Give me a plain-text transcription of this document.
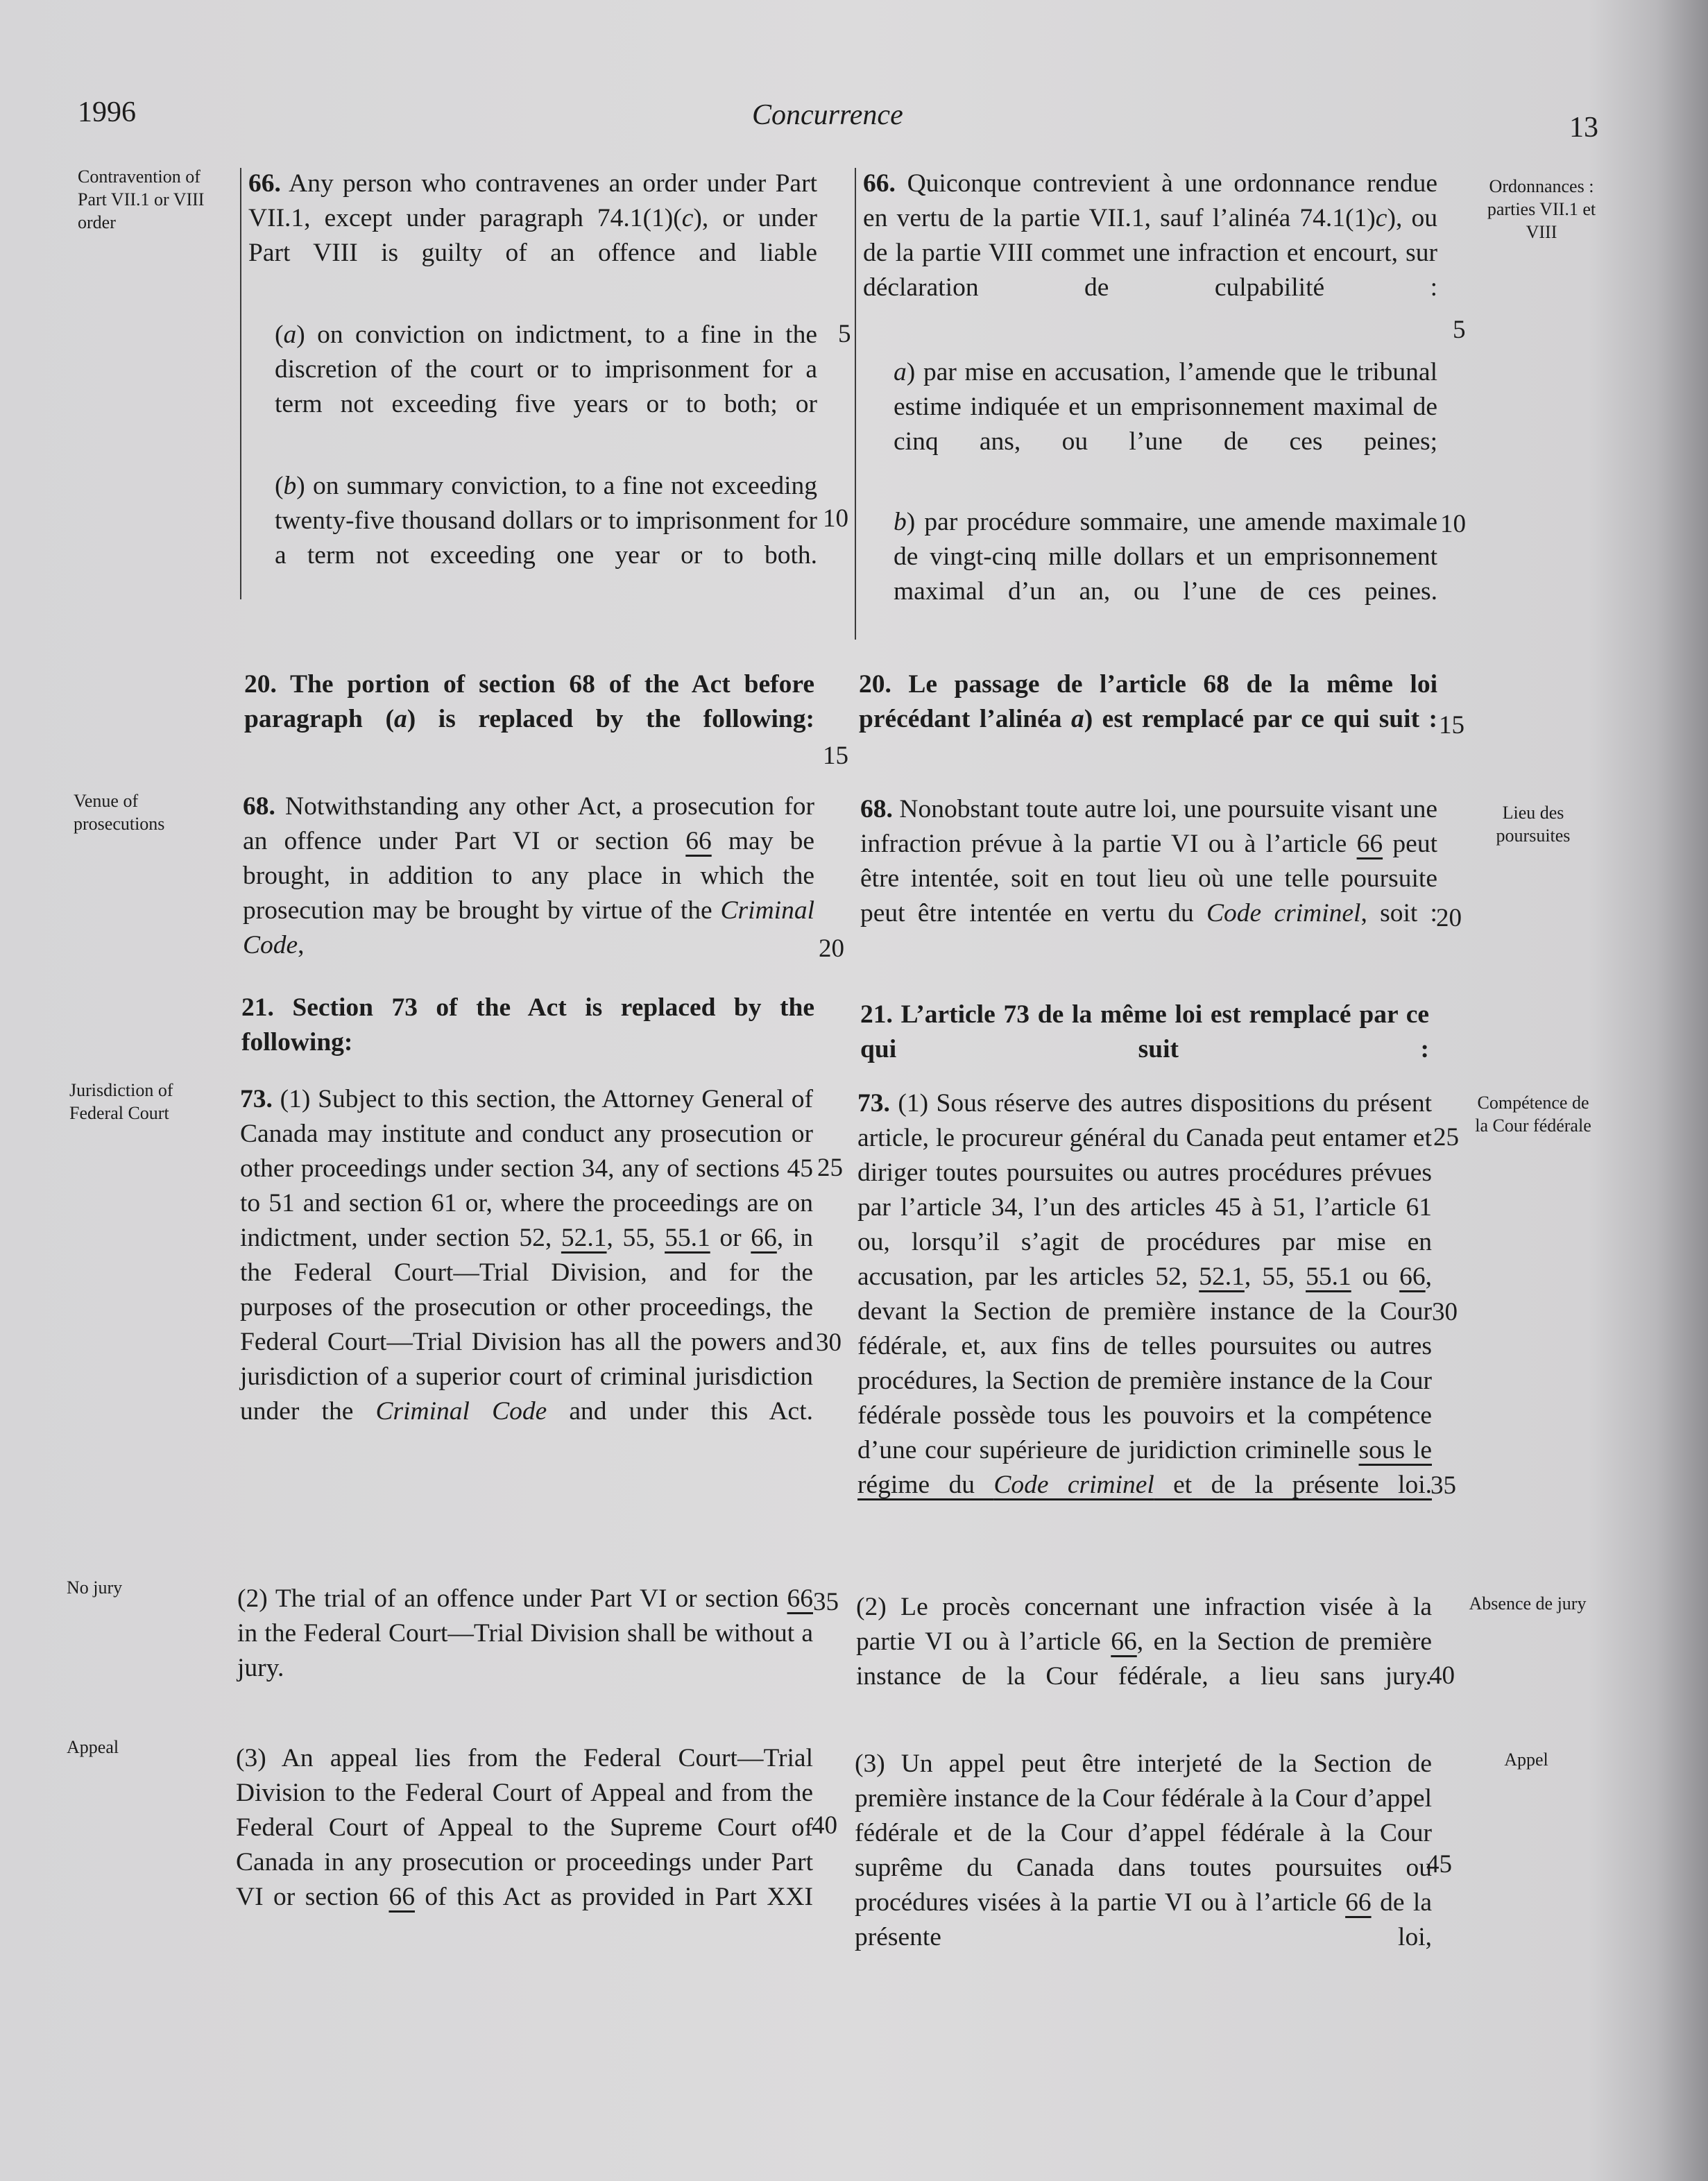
1996	Concurrence	13
Contravention of Part VII.1 or VIII order
Venue of prosecutions
Jurisdiction of Federal Court
No jury
Appeal
Ordonnances : parties VII.1 et VIII
Lieu des poursuites
Compétence de la Cour fédérale
Absence de jury
Appel

66. Any person who contravenes an order under Part VII.1, except under paragraph 74.1(1)(c), or under Part VIII is guilty of an offence and liable

(a) on conviction on indictment, to a fine in the discretion of the court or to imprisonment for a term not exceeding five years or to both; or

(b) on summary conviction, to a fine not exceeding twenty-five thousand dollars or to imprisonment for a term not exceeding one year or to both.

20. The portion of section 68 of the Act before paragraph (a) is replaced by the following:

68. Notwithstanding any other Act, a prosecution for an offence under Part VI or section 66 may be brought, in addition to any place in which the prosecution may be brought by virtue of the Criminal Code,

21. Section 73 of the Act is replaced by the following:

73. (1) Subject to this section, the Attorney General of Canada may institute and conduct any prosecution or other proceedings under section 34, any of sections 45 to 51 and section 61 or, where the proceedings are on indictment, under section 52, 52.1, 55, 55.1 or 66, in the Federal Court—Trial Division, and for the purposes of the prosecution or other proceedings, the Federal Court—Trial Division has all the powers and jurisdiction of a superior court of criminal jurisdiction under the Criminal Code and under this Act.

(2) The trial of an offence under Part VI or section 66 in the Federal Court—Trial Division shall be without a jury.

(3) An appeal lies from the Federal Court—Trial Division to the Federal Court of Appeal and from the Federal Court of Appeal to the Supreme Court of Canada in any prosecution or proceedings under Part VI or section 66 of this Act as provided in Part XXI

5
10
15
20
25
30
35
40

66. Quiconque contrevient à une ordonnance rendue en vertu de la partie VII.1, sauf l’alinéa 74.1(1)c), ou de la partie VIII commet une infraction et encourt, sur déclaration de culpabilité :

a) par mise en accusation, l’amende que le tribunal estime indiquée et un emprisonnement maximal de cinq ans, ou l’une de ces peines;

b) par procédure sommaire, une amende maximale de vingt-cinq mille dollars et un emprisonnement maximal d’un an, ou l’une de ces peines.

20. Le passage de l’article 68 de la même loi précédant l’alinéa a) est remplacé par ce qui suit :

68. Nonobstant toute autre loi, une poursuite visant une infraction prévue à la partie VI ou à l’article 66 peut être intentée, soit en tout lieu où une telle poursuite peut être intentée en vertu du Code criminel, soit :

21. L’article 73 de la même loi est remplacé par ce qui suit :

73. (1) Sous réserve des autres dispositions du présent article, le procureur général du Canada peut entamer et diriger toutes poursuites ou autres procédures prévues par l’article 34, l’un des articles 45 à 51, l’article 61 ou, lorsqu’il s’agit de procédures par mise en accusation, par les articles 52, 52.1, 55, 55.1 ou 66, devant la Section de première instance de la Cour fédérale, et, aux fins de telles poursuites ou autres procédures, la Section de première instance de la Cour fédérale possède tous les pouvoirs et la compétence d’une cour supérieure de juridiction criminelle sous le régime du Code criminel et de la présente loi.

(2) Le procès concernant une infraction visée à la partie VI ou à l’article 66, en la Section de première instance de la Cour fédérale, a lieu sans jury.

(3) Un appel peut être interjeté de la Section de première instance de la Cour fédérale à la Cour d’appel fédérale et de la Cour d’appel fédérale à la Cour suprême du Canada dans toutes poursuites ou procédures visées à la partie VI ou à l’article 66 de la présente loi,

5
10
15
20
25
30
35
40
45
